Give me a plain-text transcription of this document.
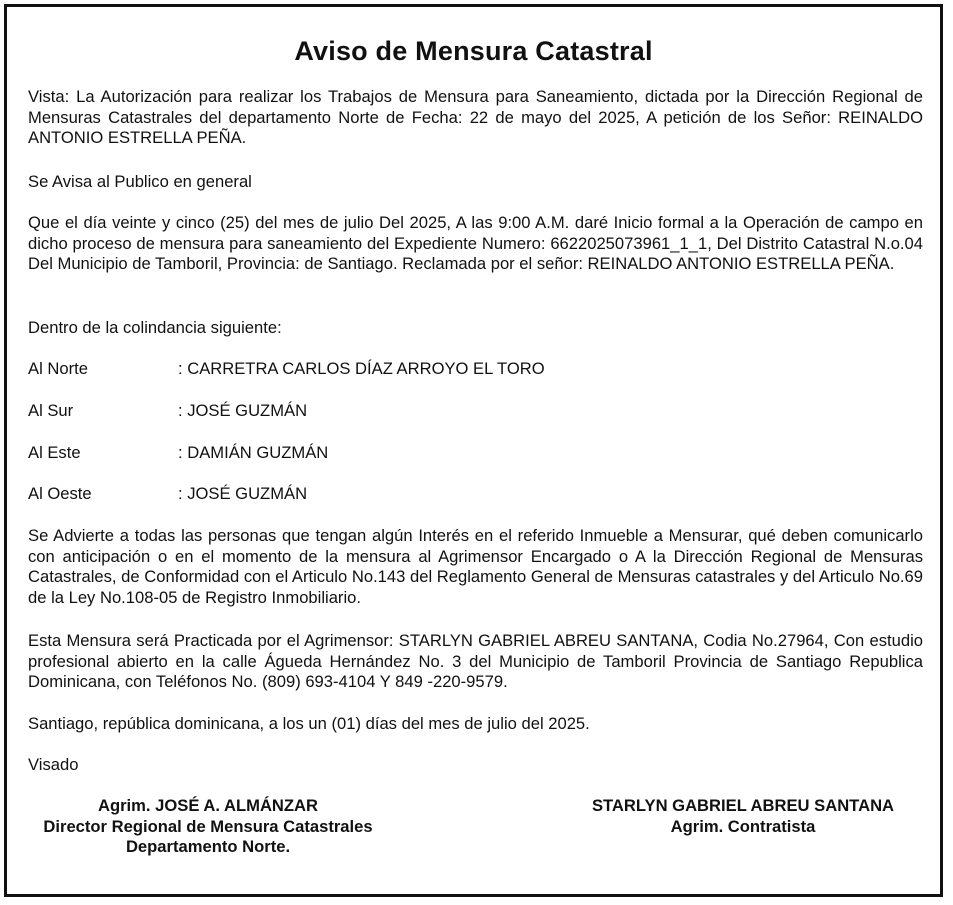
Aviso de Mensura Catastral
Vista: La Autorización para realizar los Trabajos de Mensura para Saneamiento, dictada por la Dirección Regional de Mensuras Catastrales del departamento Norte de Fecha: 22 de mayo del 2025, A petición de los Señor: REINALDO ANTONIO ESTRELLA PEÑA.
Se Avisa al Publico en general
Que el día veinte y cinco (25) del mes de julio Del 2025, A las 9:00 A.M. daré Inicio formal a la Operación de campo en dicho proceso de mensura para saneamiento del Expediente Numero: 6622025073961_1_1, Del Distrito Catastral N.o.04 Del Municipio de Tamboril, Provincia: de Santiago. Reclamada por el señor: REINALDO ANTONIO ESTRELLA PEÑA.
Dentro de la colindancia siguiente:
Al Norte	: CARRETRA CARLOS DÍAZ ARROYO EL TORO
Al Sur	: JOSÉ GUZMÁN
Al Este	: DAMIÁN GUZMÁN
Al Oeste	: JOSÉ GUZMÁN
Se Advierte a todas las personas que tengan algún Interés en el referido Inmueble a Mensurar, qué deben comunicarlo con anticipación o en el momento de la mensura al Agrimensor Encargado o A la Dirección Regional de Mensuras Catastrales, de Conformidad con el Articulo No.143 del Reglamento General de Mensuras catastrales y del Articulo No.69 de la Ley No.108-05 de Registro Inmobiliario.
Esta Mensura será Practicada por el Agrimensor: STARLYN GABRIEL ABREU SANTANA, Codia No.27964, Con estudio profesional abierto en la calle Águeda Hernández No. 3 del Municipio de Tamboril Provincia de Santiago Republica Dominicana, con Teléfonos No. (809) 693-4104 Y 849 -220-9579.
Santiago, república dominicana, a los un (01) días del mes de julio del 2025.
Visado
Agrim. JOSÉ A. ALMÁNZAR
Director Regional de Mensura Catastrales
Departamento Norte.
STARLYN GABRIEL ABREU SANTANA
Agrim. Contratista
